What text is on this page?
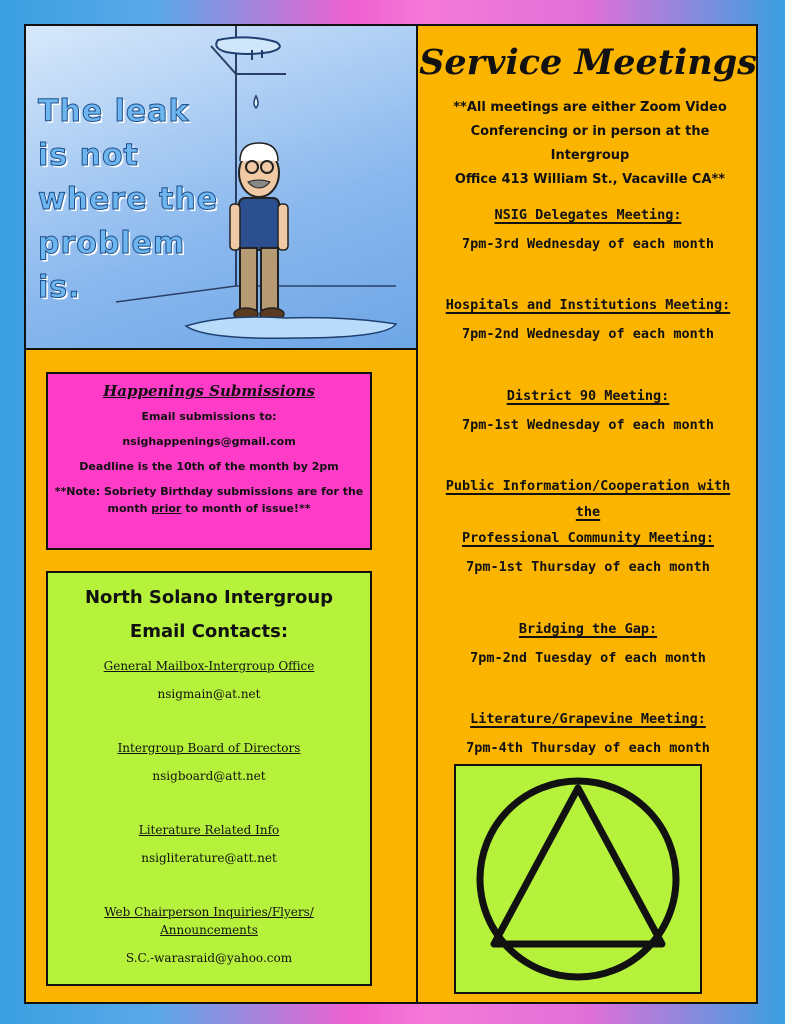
The leak
is not
where the
problem is.
Service Meetings
**All meetings are either Zoom Video
Conferencing or in person at the Intergroup
Office 413 William St., Vacaville CA**
NSIG Delegates Meeting:
7pm-3rd Wednesday of each month
Hospitals and Institutions Meeting:
7pm-2nd Wednesday of each month
District 90 Meeting:
7pm-1st Wednesday of each month
Public Information/Cooperation with
the
Professional Community Meeting:
7pm-1st Thursday of each month
Bridging the Gap:
7pm-2nd Tuesday of each month
Literature/Grapevine Meeting:
7pm-4th Thursday of each month
Happenings Submissions
Email submissions to:
nsighappenings@gmail.com
Deadline is the 10th of the month by 2pm
**Note: Sobriety Birthday submissions are for the
month prior to month of issue!**
North Solano Intergroup
Email Contacts:
General Mailbox-Intergroup Office
nsigmain@at.net
Intergroup Board of Directors
nsigboard@att.net
Literature Related Info
nsigliterature@att.net
Web Chairperson Inquiries/Flyers/
Announcements
S.C.-warasraid@yahoo.com
